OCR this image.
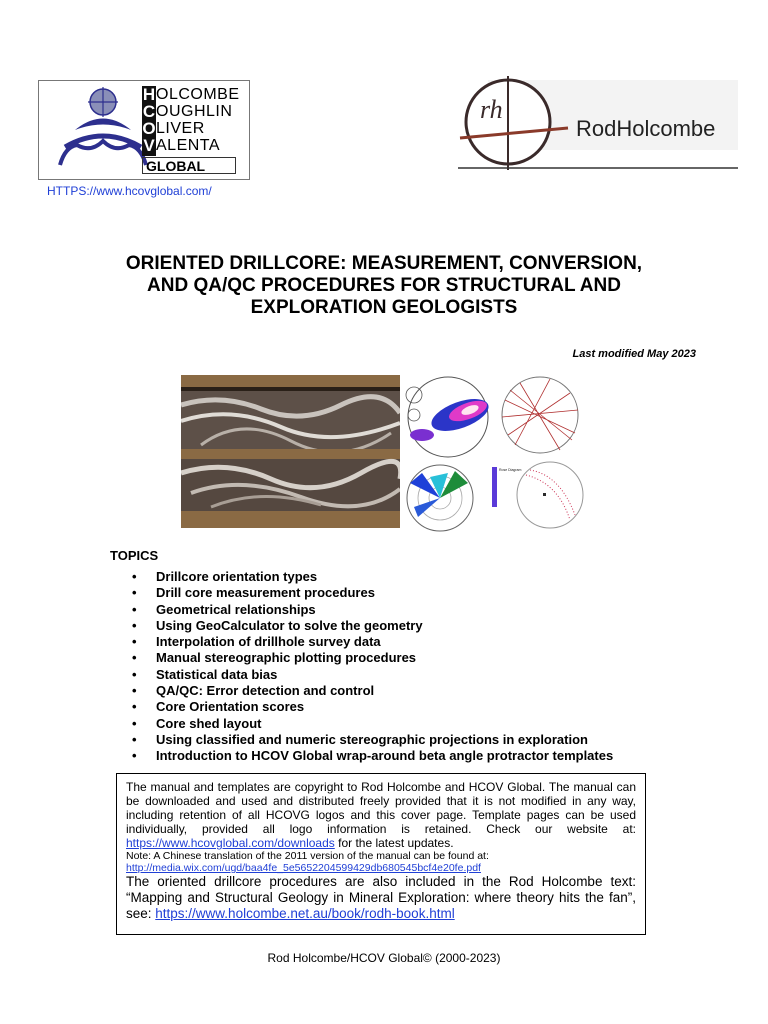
H
C
O
V
OLCOMBE
OUGHLIN
LIVER
ALENTA
GLOBAL
HTTPS://www.hcovglobal.com/
rh
RodHolcombe
ORIENTED DRILLCORE: MEASUREMENT, CONVERSION,
AND QA/QC PROCEDURES FOR STRUCTURAL AND
EXPLORATION GEOLOGISTS
Last modified May 2023
Rose Diagram
TOPICS
• Drillcore orientation types
• Drill core measurement procedures
• Geometrical relationships
• Using GeoCalculator to solve the geometry
• Interpolation of drillhole survey data
• Manual stereographic plotting procedures
• Statistical data bias
• QA/QC: Error detection and control
• Core Orientation scores
• Core shed layout
• Using classified and numeric stereographic projections in exploration
• Introduction to HCOV Global wrap-around beta angle protractor templates

The manual and templates are copyright to Rod Holcombe and HCOV Global. The manual can be downloaded and used and distributed freely provided that it is not modified in any way, including retention of all HCOVG logos and this cover page. Template pages can be used individually, provided all logo information is retained. Check our website at: https://www.hcovglobal.com/downloads for the latest updates.

Note: A Chinese translation of the 2011 version of the manual can be found at:

http://media.wix.com/ugd/baa4fe_5e5652204599429db680545bcf4e20fe.pdf

The oriented drillcore procedures are also included in the Rod Holcombe text: “Mapping and Structural Geology in Mineral Exploration: where theory hits the fan”, see: https://www.holcombe.net.au/book/rodh-book.html

Rod Holcombe/HCOV Global© (2000-2023)
